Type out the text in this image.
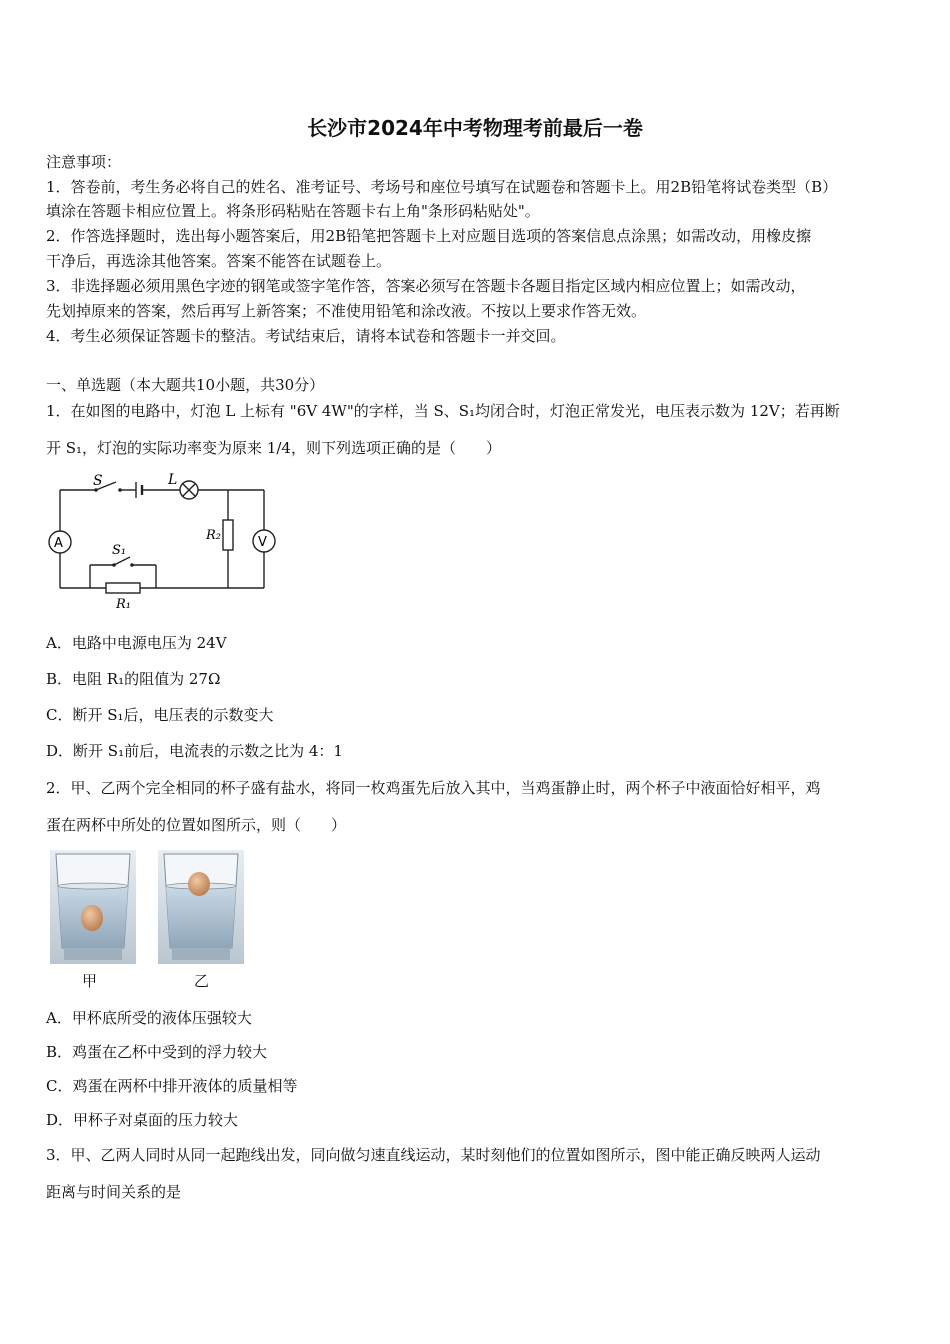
长沙市2024年中考物理考前最后一卷
注意事项：
1．答卷前，考生务必将自己的姓名、准考证号、考场号和座位号填写在试题卷和答题卡上。用2B铅笔将试卷类型（B）
填涂在答题卡相应位置上。将条形码粘贴在答题卡右上角"条形码粘贴处"。
2．作答选择题时，选出每小题答案后，用2B铅笔把答题卡上对应题目选项的答案信息点涂黑；如需改动，用橡皮擦
干净后，再选涂其他答案。答案不能答在试题卷上。
3．非选择题必须用黑色字迹的钢笔或签字笔作答，答案必须写在答题卡各题目指定区域内相应位置上；如需改动，
先划掉原来的答案，然后再写上新答案；不准使用铅笔和涂改液。不按以上要求作答无效。
4．考生必须保证答题卡的整洁。考试结束后，请将本试卷和答题卡一并交回。
一、单选题（本大题共10小题，共30分）
1．在如图的电路中，灯泡 L 上标有 "6V 4W"的字样，当 S、S₁均闭合时，灯泡正常发光，电压表示数为 12V；若再断
开 S₁，灯泡的实际功率变为原来 1/4，则下列选项正确的是（　　）
S	L
S₁
R₂
R₁
A	V
A．电路中电源电压为 24V
B．电阻 R₁的阻值为 27Ω
C．断开 S₁后，电压表的示数变大
D．断开 S₁前后，电流表的示数之比为 4：1
2．甲、乙两个完全相同的杯子盛有盐水，将同一枚鸡蛋先后放入其中，当鸡蛋静止时，两个杯子中液面恰好相平，鸡
蛋在两杯中所处的位置如图所示，则（　　）
甲	乙
A．甲杯底所受的液体压强较大
B．鸡蛋在乙杯中受到的浮力较大
C．鸡蛋在两杯中排开液体的质量相等
D．甲杯子对桌面的压力较大
3．甲、乙两人同时从同一起跑线出发，同向做匀速直线运动，某时刻他们的位置如图所示，图中能正确反映两人运动
距离与时间关系的是
